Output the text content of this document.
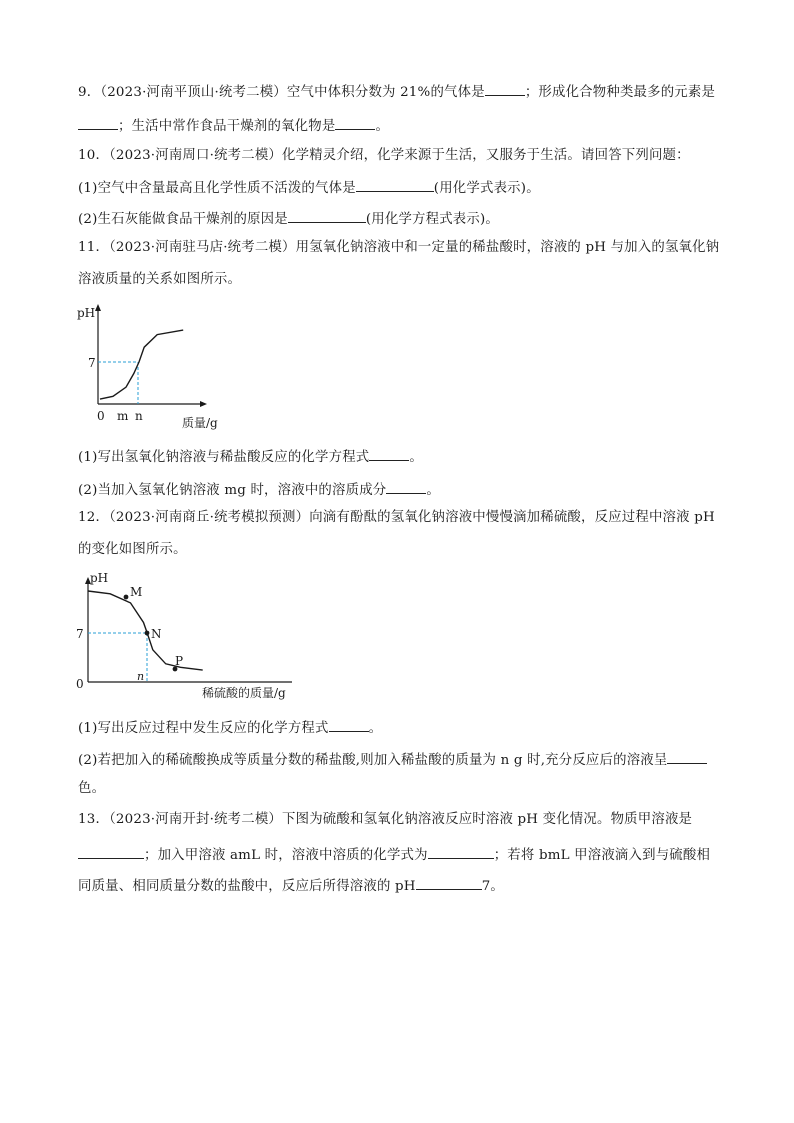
9．（2023·河南平顶山·统考二模）空气中体积分数为 21%的气体是	；形成化合物种类最多的元素是
；生活中常作食品干燥剂的氧化物是	。
10．（2023·河南周口·统考二模）化学精灵介绍，化学来源于生活，又服务于生活。请回答下列问题：
(1)空气中含量最高且化学性质不活泼的气体是	(用化学式表示)。
(2)生石灰能做食品干燥剂的原因是	(用化学方程式表示)。
11．（2023·河南驻马店·统考二模）用氢氧化钠溶液中和一定量的稀盐酸时，溶液的 pH 与加入的氢氧化钠
溶液质量的关系如图所示。
pH
7
0 m n	质量/g
(1)写出氢氧化钠溶液与稀盐酸反应的化学方程式	。
(2)当加入氢氧化钠溶液 mg 时，溶液中的溶质成分	。
12．（2023·河南商丘·统考模拟预测）向滴有酚酞的氢氧化钠溶液中慢慢滴加稀硫酸，反应过程中溶液 pH
的变化如图所示。
M
N
P
pH
7
0
n
稀硫酸的质量/g
(1)写出反应过程中发生反应的化学方程式	。
(2)若把加入的稀硫酸换成等质量分数的稀盐酸,则加入稀盐酸的质量为 n g 时,充分反应后的溶液呈
色。
13．（2023·河南开封·统考二模）下图为硫酸和氢氧化钠溶液反应时溶液 pH 变化情况。物质甲溶液是
；加入甲溶液 amL 时，溶液中溶质的化学式为	；若将 bmL 甲溶液滴入到与硫酸相
同质量、相同质量分数的盐酸中，反应后所得溶液的 pH	7。
